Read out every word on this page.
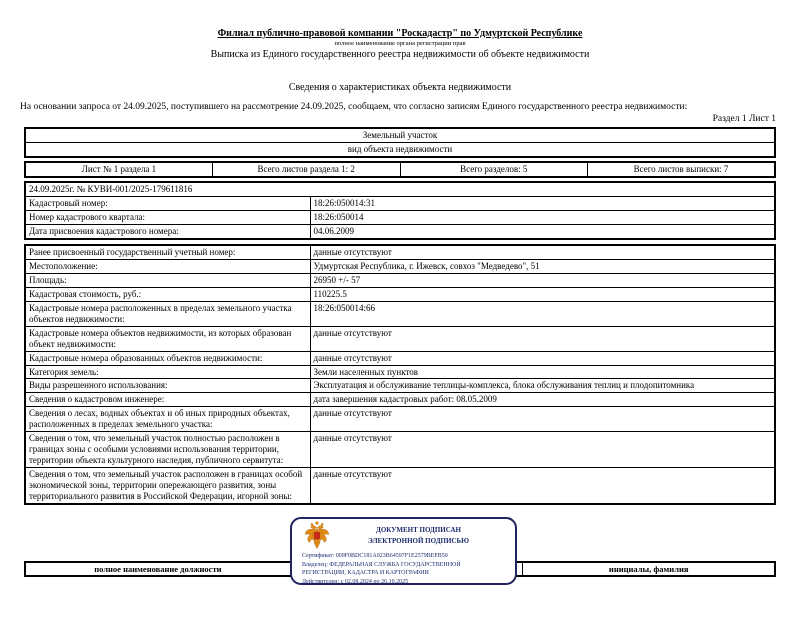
Филиал публично-правовой компании "Роскадастр" по Удмуртской Республике
полное наименование органа регистрации прав
Выписка из Единого государственного реестра недвижимости об объекте недвижимости
Сведения о характеристиках объекта недвижимости
На основании запроса от 24.09.2025, поступившего на рассмотрение 24.09.2025, сообщаем, что согласно записям Единого государственного реестра недвижимости:
Раздел 1 Лист 1
Земельный участок
вид объекта недвижимости
Лист № 1 раздела 1	Всего листов раздела 1: 2	Всего разделов: 5	Всего листов выписки: 7
24.09.2025г. № КУВИ-001/2025-179611816	
Кадастровый номер:	18:26:050014:31
Номер кадастрового квартала:	18:26:050014
Дата присвоения кадастрового номера:	04.06.2009
Ранее присвоенный государственный учетный номер:	данные отсутствуют
Местоположение:	Удмуртская Республика, г. Ижевск, совхоз "Медведево", 51
Площадь:	26950 +/- 57
Кадастровая стоимость, руб.:	110225.5
Кадастровые номера расположенных в пределах земельного участка объектов недвижимости:	18:26:050014:66
Кадастровые номера объектов недвижимости, из которых образован объект недвижимости:	данные отсутствуют
Кадастровые номера образованных объектов недвижимости:	данные отсутствуют
Категория земель:	Земли населенных пунктов
Виды разрешенного использования:	Эксплуатация и обслуживание теплицы-комплекса, блока обслуживания теплиц и плодопитомника
Сведения о кадастровом инженере:	дата завершения кадастровых работ: 08.05.2009
Сведения о лесах, водных объектах и об иных природных объектах, расположенных в пределах земельного участка:	данные отсутствуют
Сведения о том, что земельный участок полностью расположен в границах зоны с особыми условиями использования территории, территории объекта культурного наследия, публичного сервитута:	данные отсутствуют
Сведения о том, что земельный участок расположен в границах особой экономической зоны, территории опережающего развития, зоны территориального развития в Российской Федерации, игорной зоны:	данные отсутствуют
полное наименование должности	инициалы, фамилия
ДОКУМЕНТ ПОДПИСАН
ЭЛЕКТРОННОЙ ПОДПИСЬЮ
Сертификат: 009F0BDC181A023B64597F1E2579BEFB50
Владелец: ФЕДЕРАЛЬНАЯ СЛУЖБА ГОСУДАРСТВЕННОЙ
РЕГИСТРАЦИИ, КАДАСТРА И КАРТОГРАФИИ
Действителен: с 02.08.2024 по 26.10.2025
